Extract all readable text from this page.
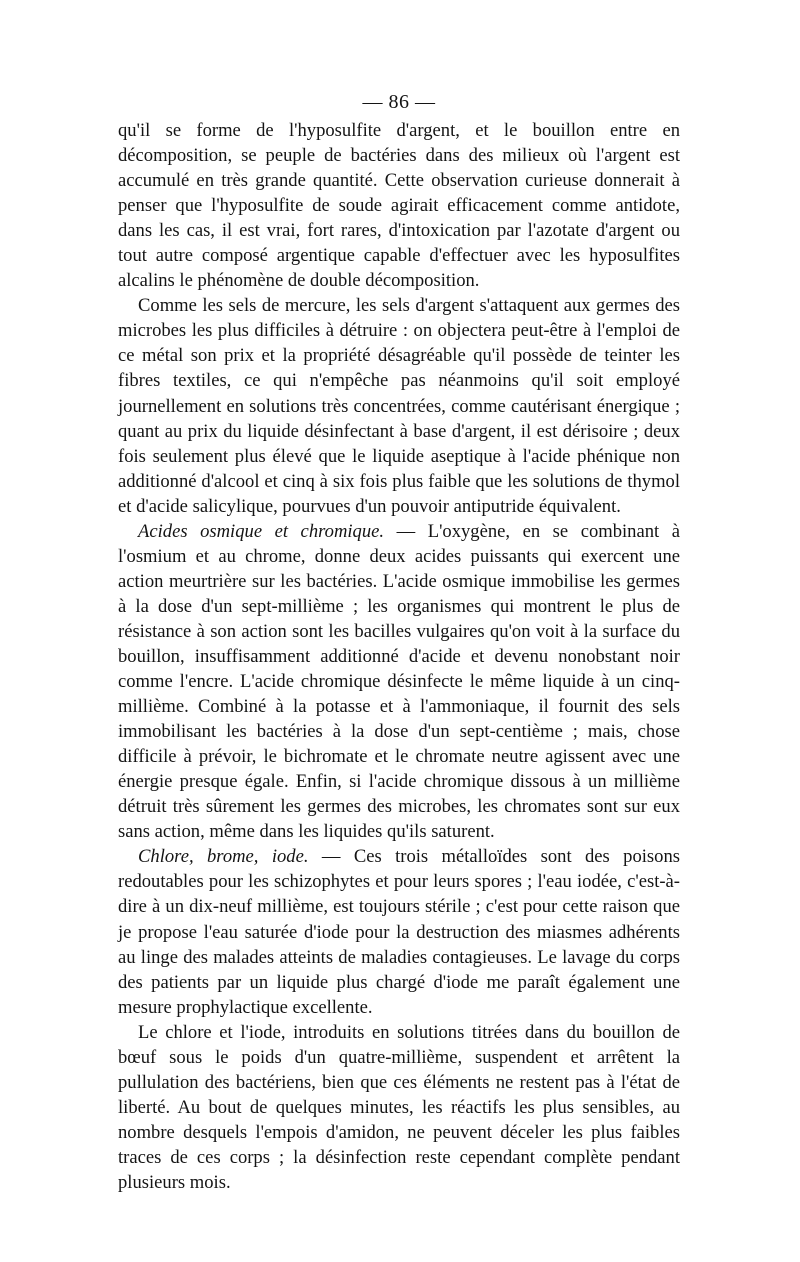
— 86 —

qu'il se forme de l'hyposulfite d'argent, et le bouillon entre en décomposition, se peuple de bactéries dans des milieux où l'argent est accumulé en très grande quantité. Cette observation curieuse donnerait à penser que l'hyposulfite de soude agirait efficacement comme antidote, dans les cas, il est vrai, fort rares, d'intoxication par l'azotate d'argent ou tout autre composé argentique capable d'effectuer avec les hyposulfites alcalins le phénomène de double décomposition.

Comme les sels de mercure, les sels d'argent s'attaquent aux germes des microbes les plus difficiles à détruire : on objectera peut-être à l'emploi de ce métal son prix et la propriété désagréable qu'il possède de teinter les fibres textiles, ce qui n'empêche pas néanmoins qu'il soit employé journellement en solutions très concentrées, comme cautérisant énergique ; quant au prix du liquide désinfectant à base d'argent, il est dérisoire ; deux fois seulement plus élevé que le liquide aseptique à l'acide phénique non additionné d'alcool et cinq à six fois plus faible que les solutions de thymol et d'acide salicylique, pourvues d'un pouvoir antiputride équivalent.

Acides osmique et chromique. — L'oxygène, en se combinant à l'osmium et au chrome, donne deux acides puissants qui exercent une action meurtrière sur les bactéries. L'acide osmique immobilise les germes à la dose d'un sept-millième ; les organismes qui montrent le plus de résistance à son action sont les bacilles vulgaires qu'on voit à la surface du bouillon, insuffisamment additionné d'acide et devenu nonobstant noir comme l'encre. L'acide chromique désinfecte le même liquide à un cinq-millième. Combiné à la potasse et à l'ammoniaque, il fournit des sels immobilisant les bactéries à la dose d'un sept-centième ; mais, chose difficile à prévoir, le bichromate et le chromate neutre agissent avec une énergie presque égale. Enfin, si l'acide chromique dissous à un millième détruit très sûrement les germes des microbes, les chromates sont sur eux sans action, même dans les liquides qu'ils saturent.

Chlore, brome, iode. — Ces trois métalloïdes sont des poisons redoutables pour les schizophytes et pour leurs spores ; l'eau iodée, c'est-à-dire à un dix-neuf millième, est toujours stérile ; c'est pour cette raison que je propose l'eau saturée d'iode pour la destruction des miasmes adhérents au linge des malades atteints de maladies contagieuses. Le lavage du corps des patients par un liquide plus chargé d'iode me paraît également une mesure prophylactique excellente.

Le chlore et l'iode, introduits en solutions titrées dans du bouillon de bœuf sous le poids d'un quatre-millième, suspendent et arrêtent la pullulation des bactériens, bien que ces éléments ne restent pas à l'état de liberté. Au bout de quelques minutes, les réactifs les plus sensibles, au nombre desquels l'empois d'amidon, ne peuvent déceler les plus faibles traces de ces corps ; la désinfection reste cependant complète pendant plusieurs mois.
